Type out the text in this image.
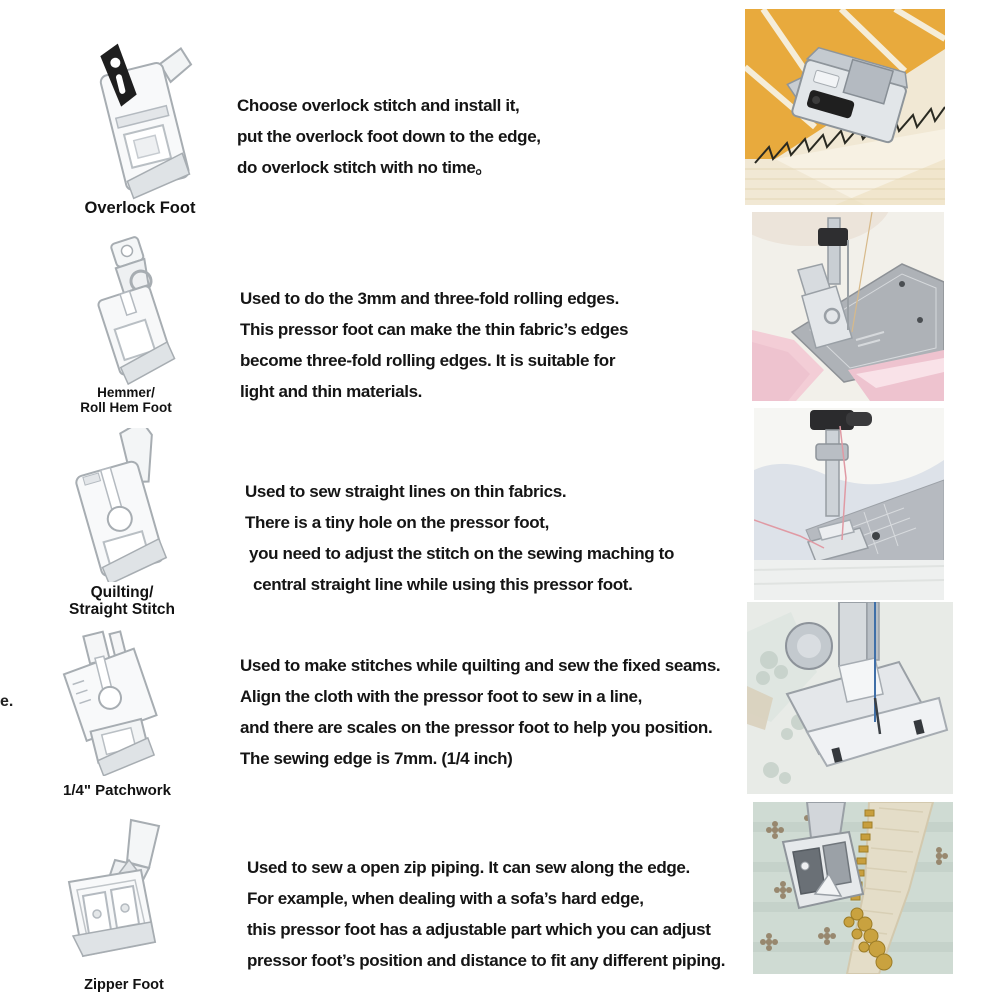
e.
Overlock Foot
Hemmer/
Roll Hem Foot
Quilting/
Straight Stitch
1/4" Patchwork
Zipper Foot
Choose overlock stitch and install it,
put the overlock foot down to the edge,
do overlock stitch with no time。
Used to do the 3mm and three-fold rolling edges.
This pressor foot can make the thin fabric’s edges
become three-fold rolling edges. It is suitable for
light and thin materials.
Used to sew straight lines on thin fabrics.
There is a tiny hole on the pressor foot,
you need to adjust the stitch on the sewing maching to
central straight line while using this pressor foot.
Used to make stitches while quilting and sew the fixed seams.
Align the cloth with the pressor foot to sew in a line,
and there are scales on the pressor foot to help you position.
The sewing edge is 7mm. (1/4 inch)
Used to sew a open zip piping. It can sew along the edge.
For example, when dealing with a sofa’s hard edge,
this pressor foot has a adjustable part which you can adjust
pressor foot’s position and distance to fit any different piping.
